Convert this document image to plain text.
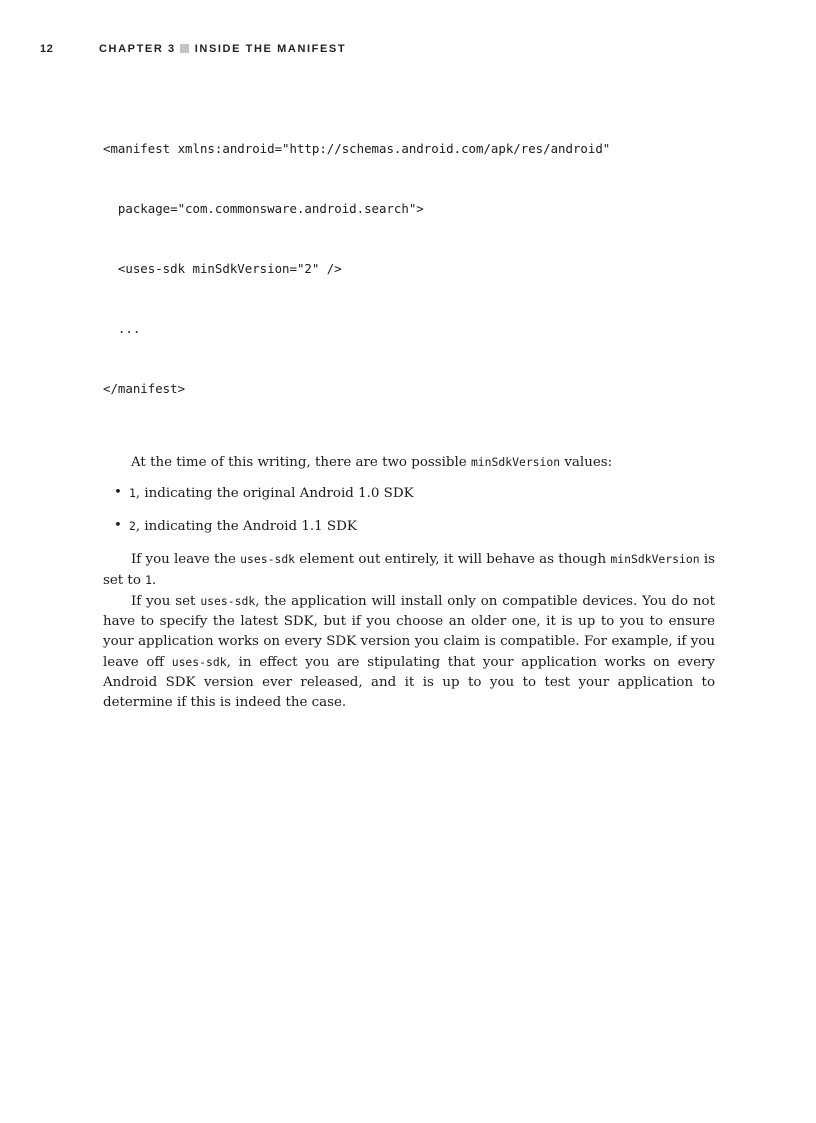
12	CHAPTER 3 INSIDE THE MANIFEST

<manifest xmlns:android="http://schemas.android.com/apk/res/android"

package="com.commonsware.android.search">

<uses-sdk minSdkVersion="2" />

...

</manifest>

At the time of this writing, there are two possible minSdkVersion values:

• 1, indicating the original Android 1.0 SDK
• 2, indicating the Android 1.1 SDK

If you leave the uses-sdk element out entirely, it will behave as though minSdkVersion is set to 1.

If you set uses-sdk, the application will install only on compatible devices. You do not have to specify the latest SDK, but if you choose an older one, it is up to you to ensure your application works on every SDK version you claim is compatible. For example, if you leave off uses-sdk, in effect you are stipulating that your application works on every Android SDK version ever released, and it is up to you to test your application to determine if this is indeed the case.
